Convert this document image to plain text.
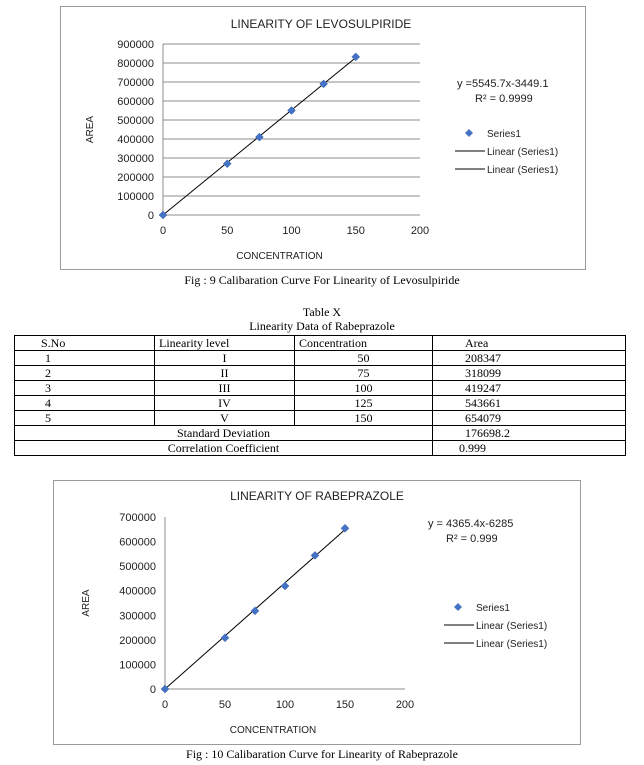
LINEARITY OF LEVOSULPIRIDE
0
100000
200000
300000
400000
500000
600000
700000
800000
900000
0	50	100	150	200
CONCENTRATION
AREA
y =5545.7x-3449.1
R² = 0.9999
Series1
Linear (Series1)
Linear (Series1)
Fig : 9 Calibaration Curve For Linearity of Levosulpiride
Table X
Linearity Data of Rabeprazole
S.No	Linearity level	Concentration	Area
1	I	50	208347
2	II	75	318099
3	III	100	419247
4	IV	125	543661
5	V	150	654079
Standard Deviation			176698.2
Correlation Coefficient			0.999
LINEARITY OF RABEPRAZOLE
0
100000
200000
300000
400000
500000
600000
700000
0	50	100	150	200
CONCENTRATION
AREA
y = 4365.4x-6285
R² = 0.999
Series1
Linear (Series1)
Linear (Series1)
Fig : 10 Calibaration Curve for Linearity of Rabeprazole
